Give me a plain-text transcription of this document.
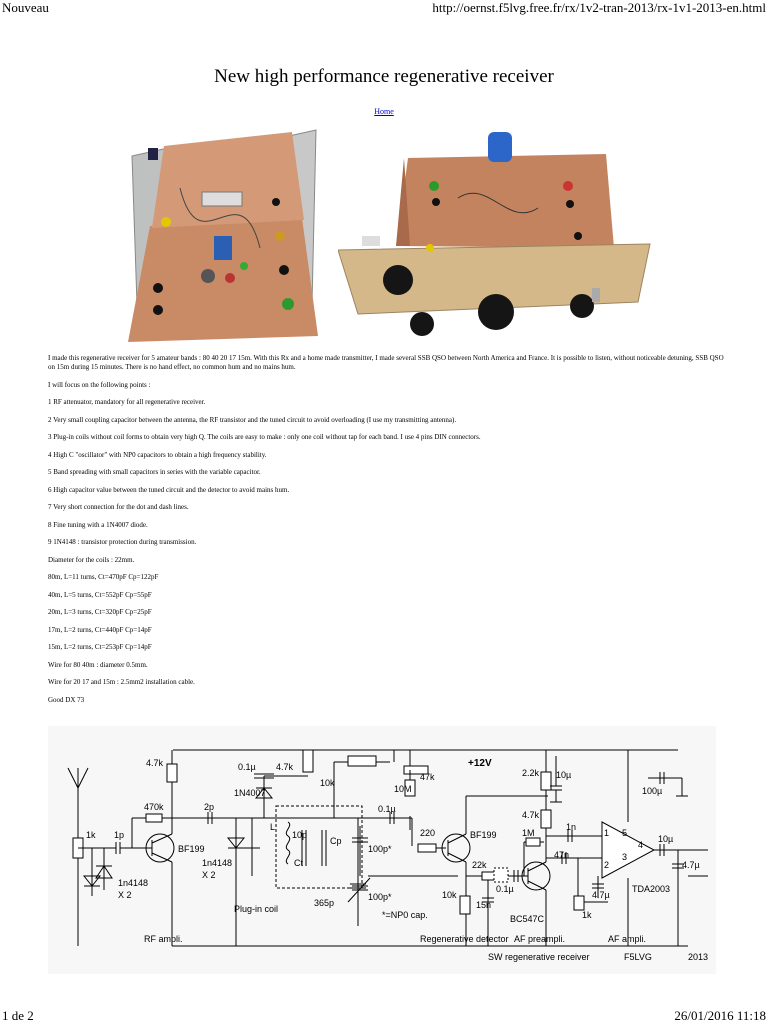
Nouveau	http://oernst.f5lvg.free.fr/rx/1v2-tran-2013/rx-1v1-2013-en.html
New high performance regenerative receiver
Home

I made this regenerative receiver for 5 amateur bands : 80 40 20 17 15m. With this Rx and a home made transmitter, I made several SSB QSO between North America and France. It is possible to listen, without noticeable detuning, SSB QSO on 15m during 15 minutes. There is no hand effect, no common hum and no mains hum.

I will focus on the following points :

1 RF attenuator, mandatory for all regenerative receiver.

2 Very small coupling capacitor between the antenna, the RF transistor and the tuned circuit to avoid overloading (I use my transmitting antenna).

3 Plug-in coils without coil forms to obtain very high Q. The coils are easy to make : only one coil without tap for each band. I use 4 pins DIN connectors.

4 High C "oscillator" with NP0 capacitors to obtain a high frequency stability.

5 Band spreading with small capacitors in series with the variable capacitor.

6 High capacitor value between the tuned circuit and the detector to avoid mains hum.

7 Very short connection for the dot and dash lines.

8 Fine tuning with a 1N4007 diode.

9 1N4148 : transistor protection during transmission.

Diameter for the coils : 22mm.

80m, L=11 turns, Ct=470pF Cp=122pF

40m, L=5 turns, Ct=552pF Cp=55pF

20m, L=3 turns, Ct=320pF Cp=25pF

17m, L=2 turns, Ct=440pF Cp=14pF

15m, L=2 turns, Ct=253pF Cp=14pF

Wire for 80 40m : diameter 0.5mm.

Wire for 20 17 and 15m : 2.5mm2 installation cable.

Good DX 73

4.7k
470k
1k 1p
BF199
1n4148
X 2
1n4148
X 2
2p
0.1µ 4.7k
10k
1N4007
L
10p
Cp
Ct
365p
Plug-in coil
47k
10M
+12V
0.1µ
220
100p*
100p*
*=NP0 cap.
BF199
10k
15n
22k
0.1µ
1M
2.2k 10µ
4.7k
47n
1n
BC547C
4.7µ
1k
100µ
10µ
4.7µ
TDA2003
5
4
1
2
3
RF ampli.	Regenerative detector AF preampli.	AF ampli.
SW regenerative receiver	F5LVG	2013
1 de 2	26/01/2016 11:18
